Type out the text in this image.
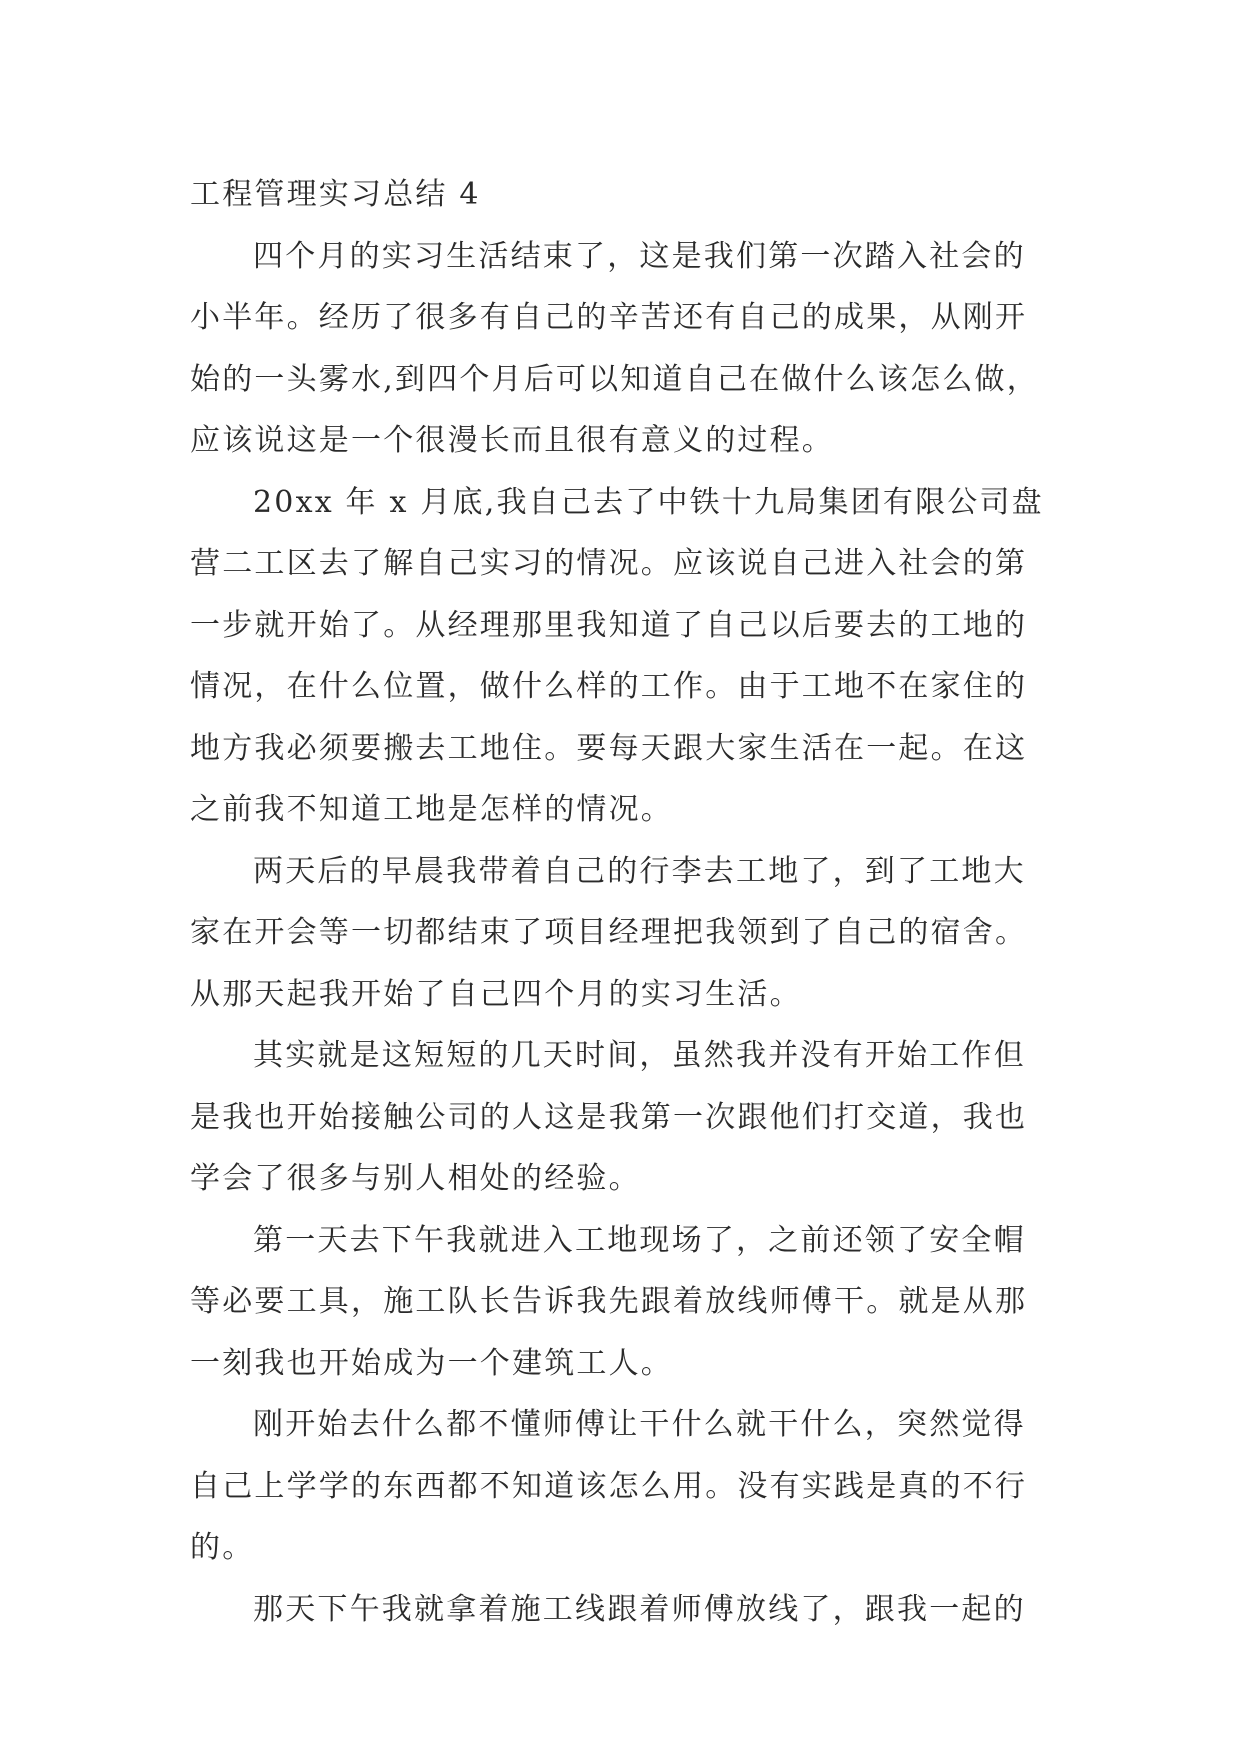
工程管理实习总结 4

四个月的实习生活结束了，这是我们第一次踏入社会的
小半年。经历了很多有自己的辛苦还有自己的成果，从刚开
始的一头雾水,到四个月后可以知道自己在做什么该怎么做，
应该说这是一个很漫长而且很有意义的过程。

20xx 年 x 月底,我自己去了中铁十九局集团有限公司盘
营二工区去了解自己实习的情况。应该说自己进入社会的第
一步就开始了。从经理那里我知道了自己以后要去的工地的
情况，在什么位置，做什么样的工作。由于工地不在家住的
地方我必须要搬去工地住。要每天跟大家生活在一起。在这
之前我不知道工地是怎样的情况。

两天后的早晨我带着自己的行李去工地了，到了工地大
家在开会等一切都结束了项目经理把我领到了自己的宿舍。
从那天起我开始了自己四个月的实习生活。

其实就是这短短的几天时间，虽然我并没有开始工作但
是我也开始接触公司的人这是我第一次跟他们打交道，我也
学会了很多与别人相处的经验。

第一天去下午我就进入工地现场了，之前还领了安全帽
等必要工具，施工队长告诉我先跟着放线师傅干。就是从那
一刻我也开始成为一个建筑工人。

刚开始去什么都不懂师傅让干什么就干什么，突然觉得
自己上学学的东西都不知道该怎么用。没有实践是真的不行
的。

那天下午我就拿着施工线跟着师傅放线了，跟我一起的
